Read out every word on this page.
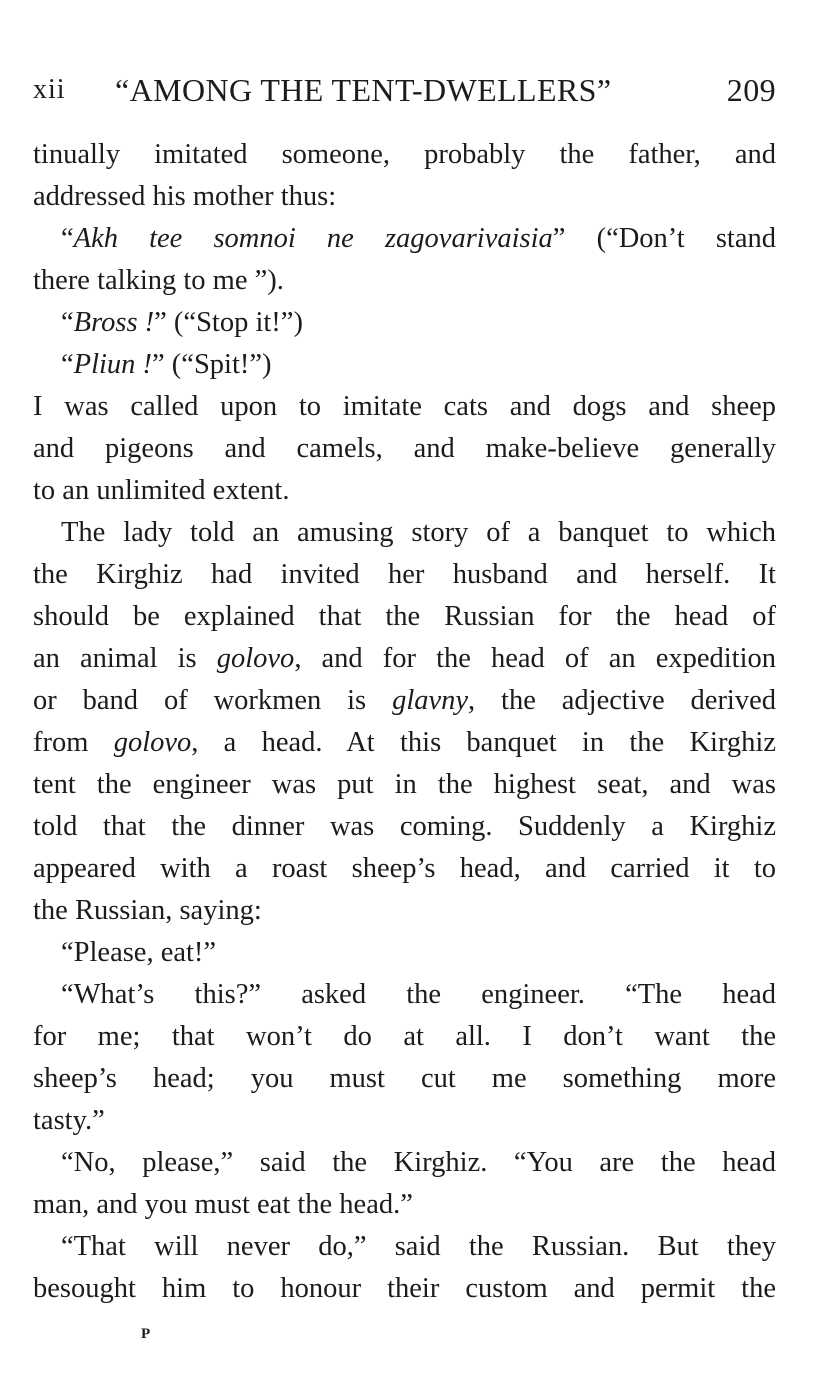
xii “AMONG THE TENT-DWELLERS”	209
tinually imitated someone, probably the father, and
addressed his mother thus:
“Akh tee somnoi ne zagovarivaisia” (“Don’t stand
there talking to me ”).
“Bross !” (“Stop it!”)
“Pliun !” (“Spit!”)
I was called upon to imitate cats and dogs and sheep
and pigeons and camels, and make-believe generally
to an unlimited extent.
The lady told an amusing story of a banquet to which
the Kirghiz had invited her husband and herself. It
should be explained that the Russian for the head of
an animal is golovo, and for the head of an expedition
or band of workmen is glavny, the adjective derived
from golovo, a head. At this banquet in the Kirghiz
tent the engineer was put in the highest seat, and was
told that the dinner was coming. Suddenly a Kirghiz
appeared with a roast sheep’s head, and carried it to
the Russian, saying:
“Please, eat!”
“What’s this?” asked the engineer. “The head
for me; that won’t do at all. I don’t want the
sheep’s head; you must cut me something more
tasty.”
“No, please,” said the Kirghiz. “You are the head
man, and you must eat the head.”
“That will never do,” said the Russian. But they
besought him to honour their custom and permit the
P
